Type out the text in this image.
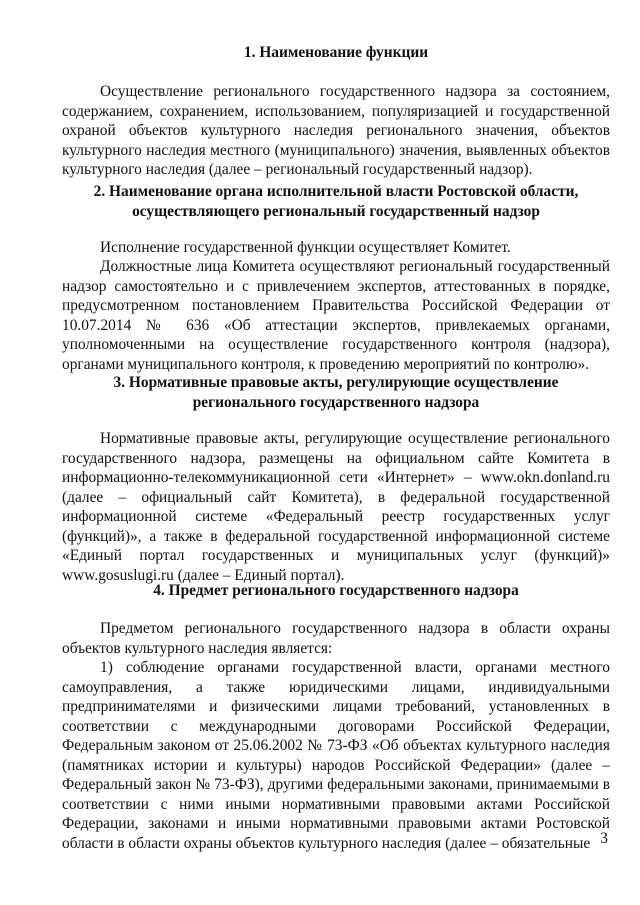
1. Наименование функции

Осуществление регионального государственного надзора за состоянием, содержанием, сохранением, использованием, популяризацией и государственной охраной объектов культурного наследия регионального значения, объектов культурного наследия местного (муниципального) значения, выявленных объектов культурного наследия (далее – региональный государственный надзор).

2. Наименование органа исполнительной власти Ростовской области, осуществляющего региональный государственный надзор

Исполнение государственной функции осуществляет Комитет.

Должностные лица Комитета осуществляют региональный государственный надзор самостоятельно и с привлечением экспертов, аттестованных в порядке, предусмотренном постановлением Правительства Российской Федерации от 10.07.2014 № 636 «Об аттестации экспертов, привлекаемых органами, уполномоченными на осуществление государственного контроля (надзора), органами муниципального контроля, к проведению мероприятий по контролю».

3. Нормативные правовые акты, регулирующие осуществление регионального государственного надзора

Нормативные правовые акты, регулирующие осуществление регионального государственного надзора, размещены на официальном сайте Комитета в информационно-телекоммуникационной сети «Интернет» – www.okn.donland.ru (далее – официальный сайт Комитета), в федеральной государственной информационной системе «Федеральный реестр государственных услуг (функций)», а также в федеральной государственной информационной системе «Единый портал государственных и муниципальных услуг (функций)» www.gosuslugi.ru (далее – Единый портал).

4. Предмет регионального государственного надзора

Предметом регионального государственного надзора в области охраны объектов культурного наследия является:

1) соблюдение органами государственной власти, органами местного самоуправления, а также юридическими лицами, индивидуальными предпринимателями и физическими лицами требований, установленных в соответствии с международными договорами Российской Федерации, Федеральным законом от 25.06.2002 № 73-ФЗ «Об объектах культурного наследия (памятниках истории и культуры) народов Российской Федерации» (далее – Федеральный закон № 73-ФЗ), другими федеральными законами, принимаемыми в соответствии с ними иными нормативными правовыми актами Российской Федерации, законами и иными нормативными правовыми актами Ростовской области в области охраны объектов культурного наследия (далее – обязательные 3
